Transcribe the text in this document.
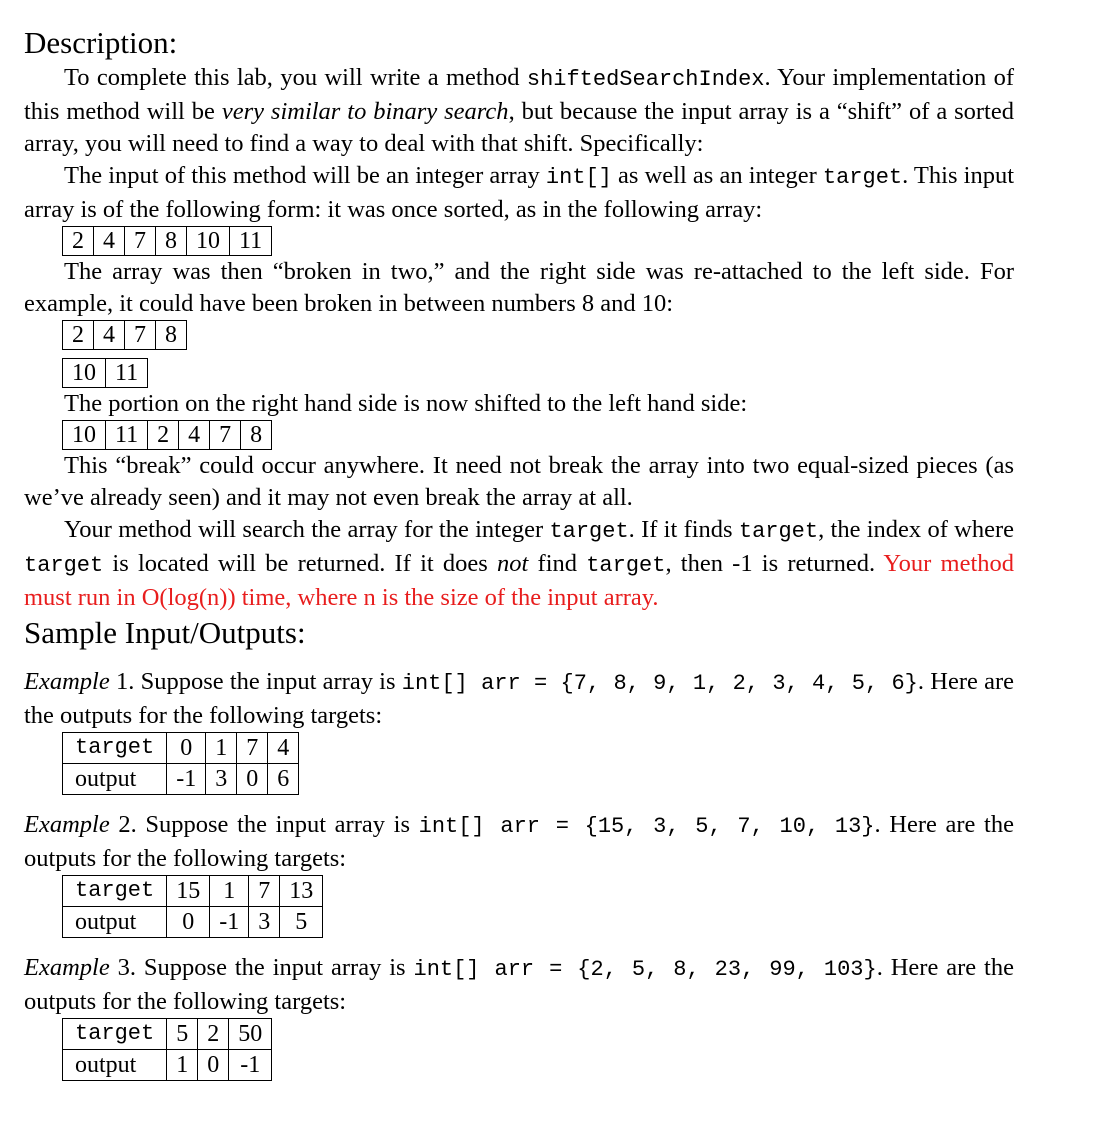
Description:

To complete this lab, you will write a method shiftedSearchIndex. Your implementation of this method will be very similar to binary search, but because the input array is a “shift” of a sorted array, you will need to find a way to deal with that shift. Specifically:

The input of this method will be an integer array int[] as well as an integer target. This input array is of the following form: it was once sorted, as in the following array:

2	4	7	8	10	11

The array was then “broken in two,” and the right side was re-attached to the left side. For example, it could have been broken in between numbers 8 and 10:

2	4	7	8
10	11

The portion on the right hand side is now shifted to the left hand side:

10	11	2	4	7	8

This “break” could occur anywhere. It need not break the array into two equal-sized pieces (as we’ve already seen) and it may not even break the array at all.

Your method will search the array for the integer target. If it finds target, the index of where target is located will be returned. If it does not find target, then -1 is returned. Your method must run in O(log(n)) time, where n is the size of the input array.

Sample Input/Outputs:

Example 1. Suppose the input array is int[] arr = {7, 8, 9, 1, 2, 3, 4, 5, 6}. Here are the outputs for the following targets:

target	0	1	7	4
output	-1	3	0	6

Example 2. Suppose the input array is int[] arr = {15, 3, 5, 7, 10, 13}. Here are the outputs for the following targets:

target	15	1	7	13
output	0	-1	3	5

Example 3. Suppose the input array is int[] arr = {2, 5, 8, 23, 99, 103}. Here are the outputs for the following targets:

target	5	2	50
output	1	0	-1
